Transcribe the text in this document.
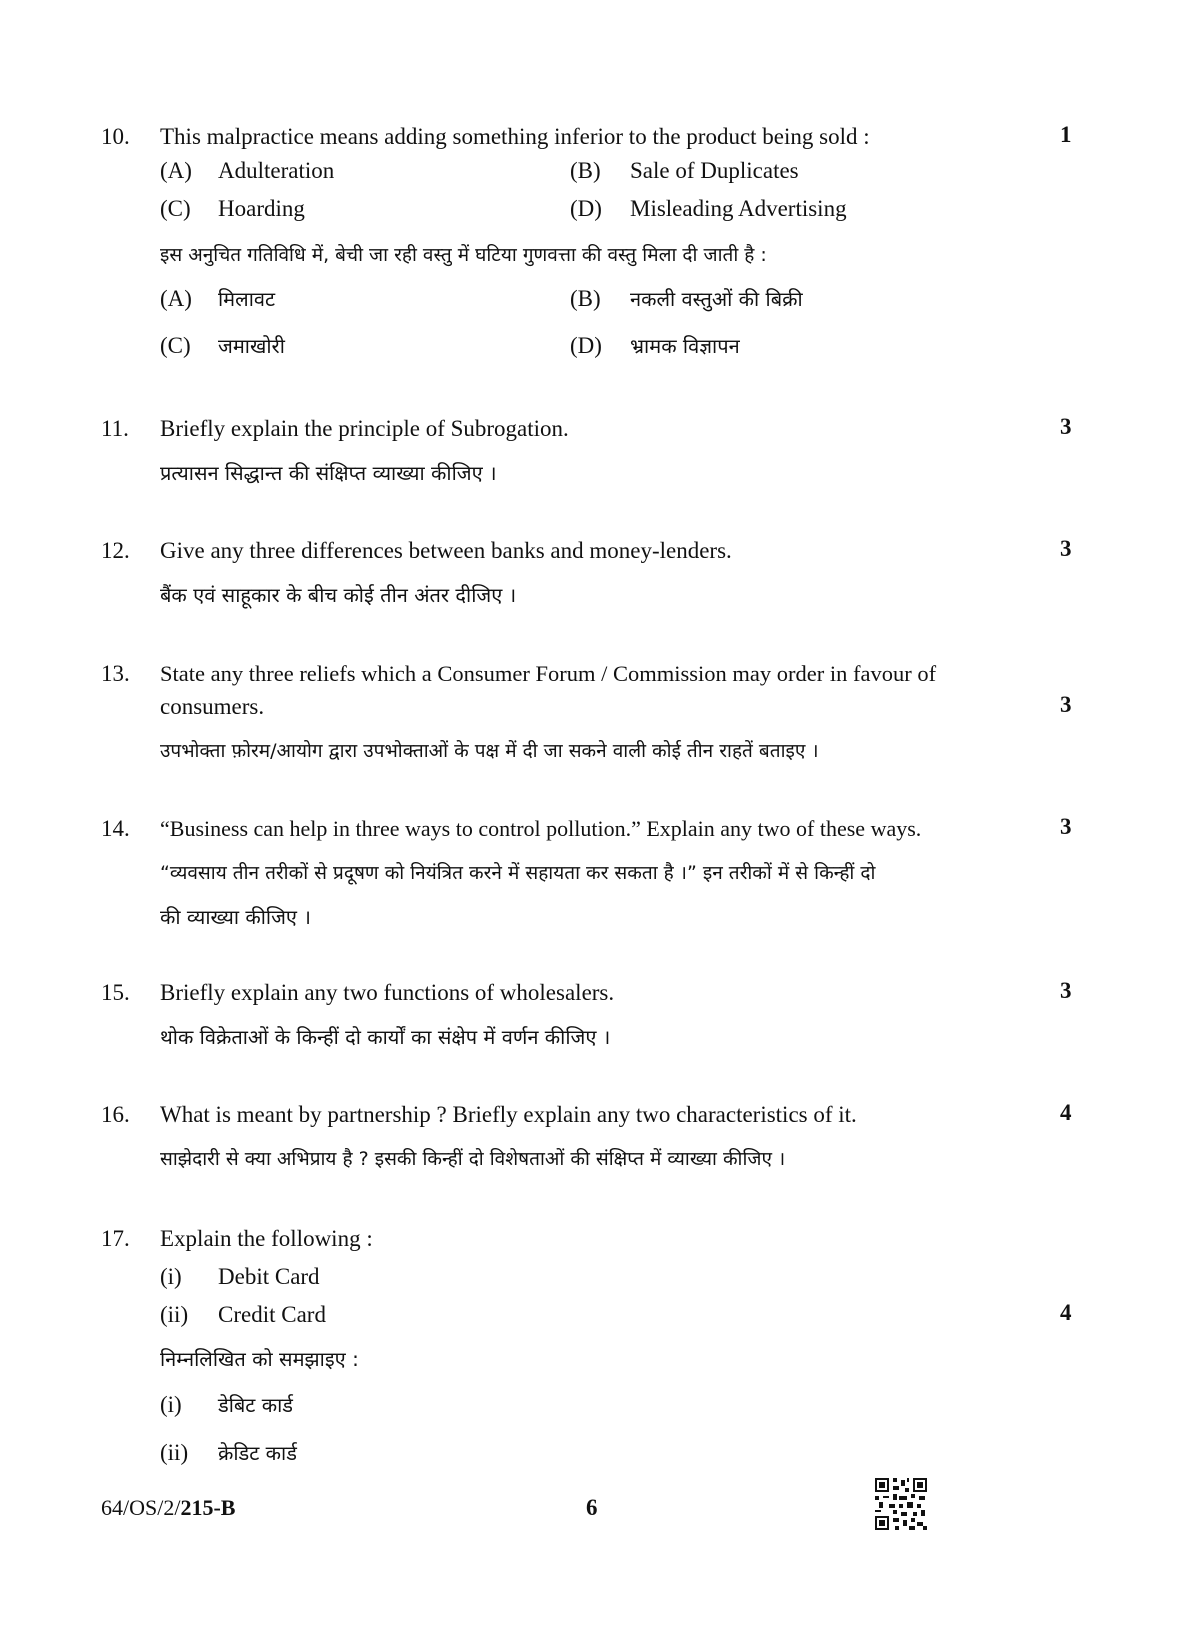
10. This malpractice means adding something inferior to the product being sold :	1
(A) Adulteration	(B) Sale of Duplicates
(C) Hoarding	(D) Misleading Advertising
इस अनुचित गतिविधि में, बेची जा रही वस्तु में घटिया गुणवत्ता की वस्तु मिला दी जाती है :
(A) मिलावट	(B) नकली वस्तुओं की बिक्री
(C) जमाखोरी	(D) भ्रामक विज्ञापन
11. Briefly explain the principle of Subrogation.	3
प्रत्यासन सिद्धान्त की संक्षिप्त व्याख्या कीजिए ।
12. Give any three differences between banks and money-lenders.	3
बैंक एवं साहूकार के बीच कोई तीन अंतर दीजिए ।
13. State any three reliefs which a Consumer Forum / Commission may order in favour of
consumers.	3
उपभोक्ता फ़ोरम/आयोग द्वारा उपभोक्ताओं के पक्ष में दी जा सकने वाली कोई तीन राहतें बताइए ।
14. “Business can help in three ways to control pollution.” Explain any two of these ways.	3
“व्यवसाय तीन तरीकों से प्रदूषण को नियंत्रित करने में सहायता कर सकता है ।” इन तरीकों में से किन्हीं दो
की व्याख्या कीजिए ।
15. Briefly explain any two functions of wholesalers.	3
थोक विक्रेताओं के किन्हीं दो कार्यों का संक्षेप में वर्णन कीजिए ।
16. What is meant by partnership ? Briefly explain any two characteristics of it.	4
साझेदारी से क्या अभिप्राय है ? इसकी किन्हीं दो विशेषताओं की संक्षिप्त में व्याख्या कीजिए ।
17. Explain the following :
(i) Debit Card
(ii) Credit Card	4
निम्नलिखित को समझाइए :
(i) डेबिट कार्ड
(ii) क्रेडिट कार्ड
64/OS/2/215-B	6
